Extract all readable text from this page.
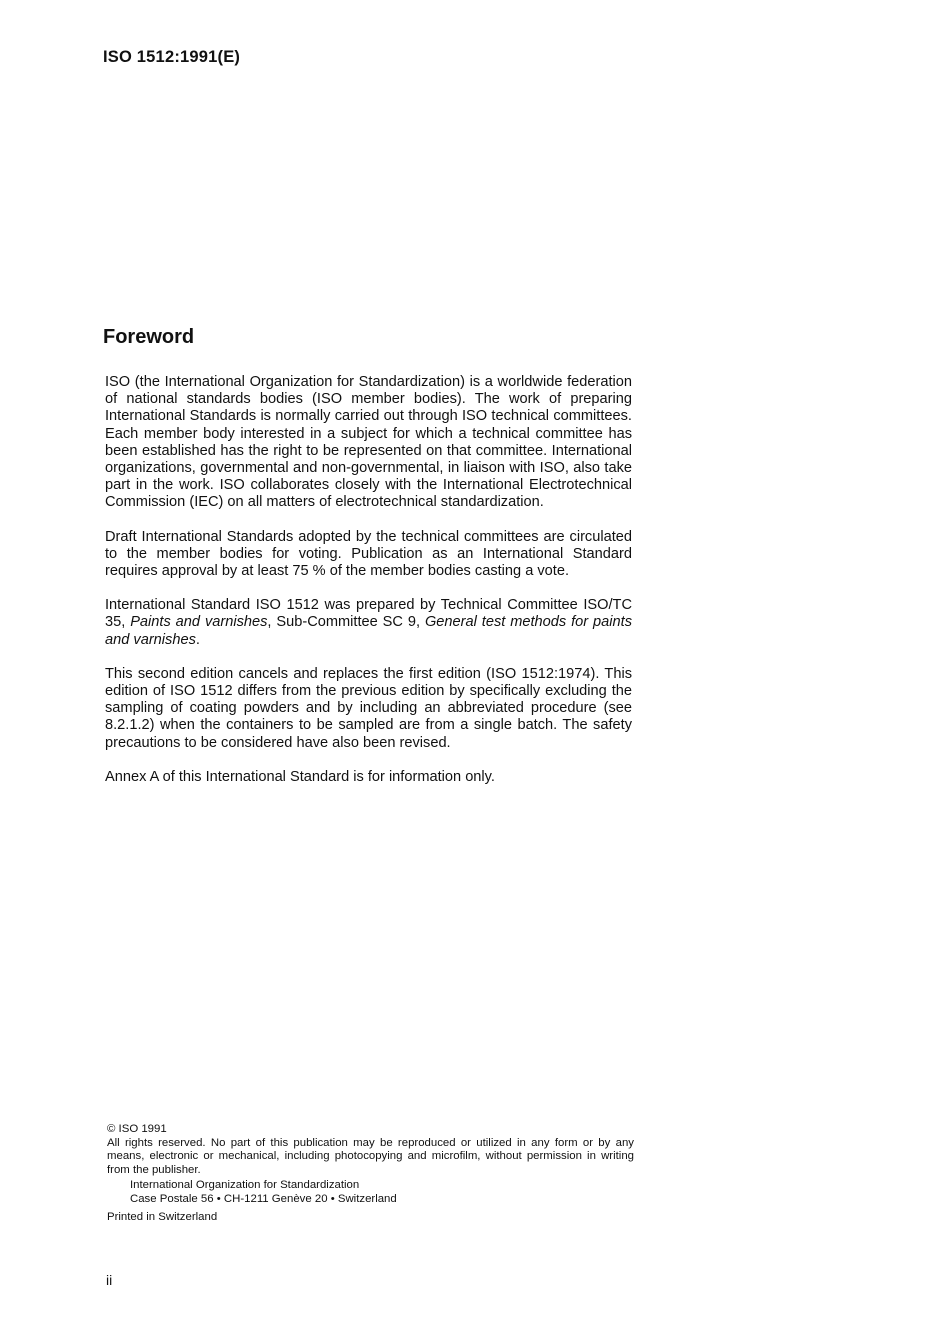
ISO 1512:1991(E)
Foreword

ISO (the International Organization for Standardization) is a worldwide federation of national standards bodies (ISO member bodies). The work of preparing International Standards is normally carried out through ISO technical committees. Each member body interested in a subject for which a technical committee has been established has the right to be represented on that committee. International organizations, governmental and non-governmental, in liaison with ISO, also take part in the work. ISO collaborates closely with the International Electrotechnical Commission (IEC) on all matters of electrotechnical standardization.

Draft International Standards adopted by the technical committees are circulated to the member bodies for voting. Publication as an International Standard requires approval by at least 75 % of the member bodies casting a vote.

International Standard ISO 1512 was prepared by Technical Committee ISO/TC 35, Paints and varnishes, Sub-Committee SC 9, General test methods for paints and varnishes.

This second edition cancels and replaces the first edition (ISO 1512:1974). This edition of ISO 1512 differs from the previous edition by specifically excluding the sampling of coating powders and by including an abbreviated procedure (see 8.2.1.2) when the containers to be sampled are from a single batch. The safety precautions to be considered have also been revised.

Annex A of this International Standard is for information only.

© ISO 1991
All rights reserved. No part of this publication may be reproduced or utilized in any form or by any means, electronic or mechanical, including photocopying and microfilm, without permission in writing from the publisher.
International Organization for Standardization
Case Postale 56 • CH-1211 Genève 20 • Switzerland
Printed in Switzerland
ii
